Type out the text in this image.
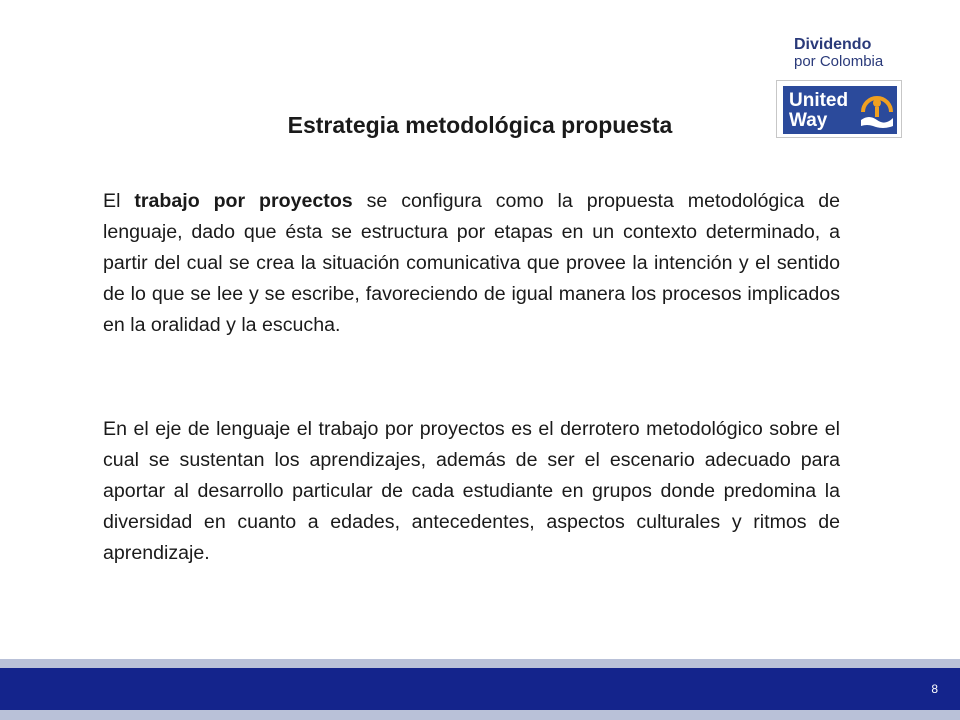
Dividendo
por Colombia
United
Way
Estrategia metodológica propuesta

El trabajo por proyectos se configura como la propuesta metodológica de lenguaje, dado que ésta se estructura por etapas en un contexto determinado, a partir del cual se crea la situación comunicativa que provee la intención y el sentido de lo que se lee y se escribe, favoreciendo de igual manera los procesos implicados en la oralidad y la escucha.

En el eje de lenguaje el trabajo por proyectos es el derrotero metodológico sobre el cual se sustentan los aprendizajes, además de ser el escenario adecuado para aportar al desarrollo particular de cada estudiante en grupos donde predomina la diversidad en cuanto a edades, antecedentes, aspectos culturales y ritmos de aprendizaje.

8
